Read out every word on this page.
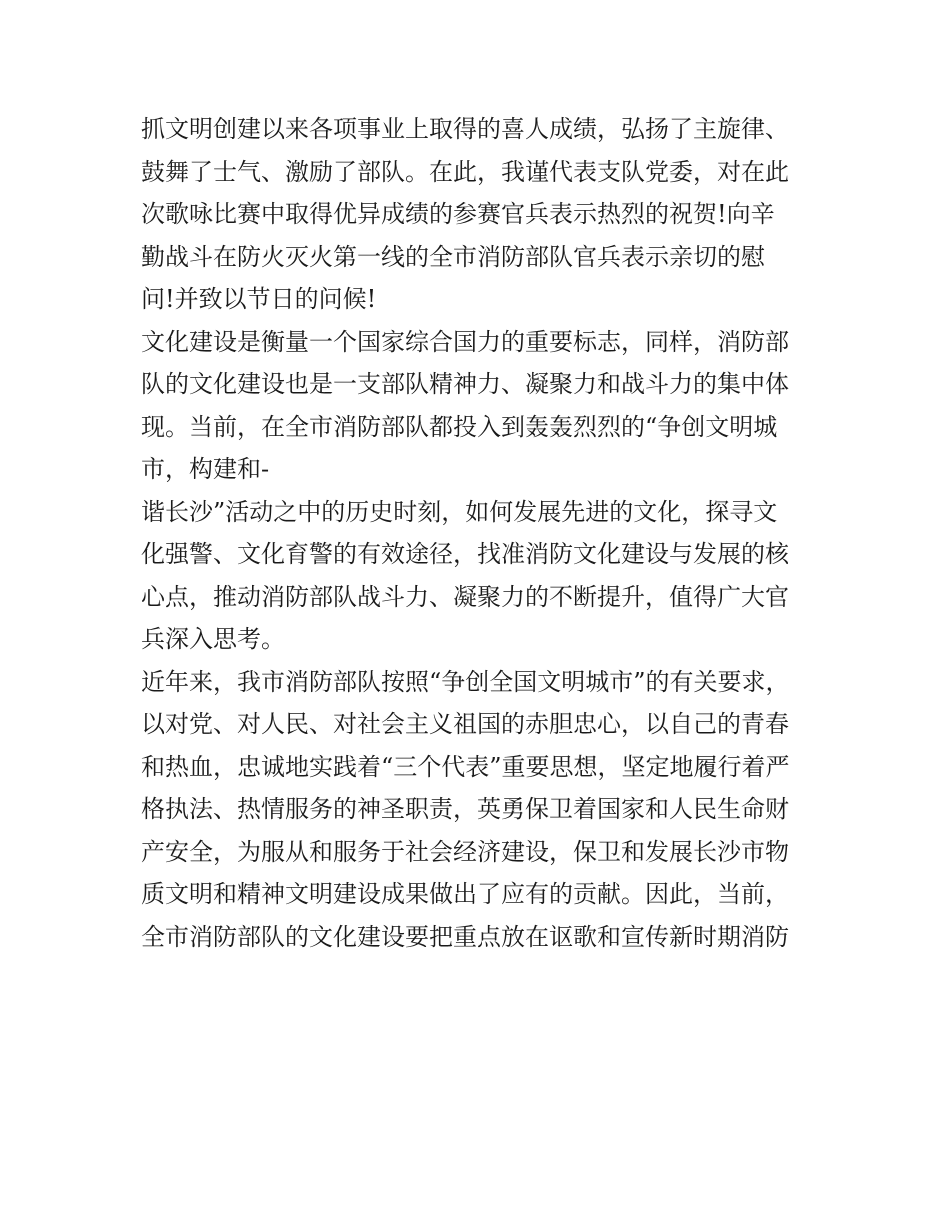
抓文明创建以来各项事业上取得的喜人成绩，弘扬了主旋律、
鼓舞了士气、激励了部队。在此，我谨代表支队党委，对在此
次歌咏比赛中取得优异成绩的参赛官兵表示热烈的祝贺!向辛
勤战斗在防火灭火第一线的全市消防部队官兵表示亲切的慰
问!并致以节日的问候!
文化建设是衡量一个国家综合国力的重要标志，同样，消防部
队的文化建设也是一支部队精神力、凝聚力和战斗力的集中体
现。当前，在全市消防部队都投入到轰轰烈烈的“争创文明城
市，构建和-
谐长沙”活动之中的历史时刻，如何发展先进的文化，探寻文
化强警、文化育警的有效途径，找准消防文化建设与发展的核
心点，推动消防部队战斗力、凝聚力的不断提升，值得广大官
兵深入思考。
近年来，我市消防部队按照“争创全国文明城市”的有关要求，
以对党、对人民、对社会主义祖国的赤胆忠心，以自己的青春
和热血，忠诚地实践着“三个代表”重要思想，坚定地履行着严
格执法、热情服务的神圣职责，英勇保卫着国家和人民生命财
产安全，为服从和服务于社会经济建设，保卫和发展长沙市物
质文明和精神文明建设成果做出了应有的贡献。因此，当前，
全市消防部队的文化建设要把重点放在讴歌和宣传新时期消防
